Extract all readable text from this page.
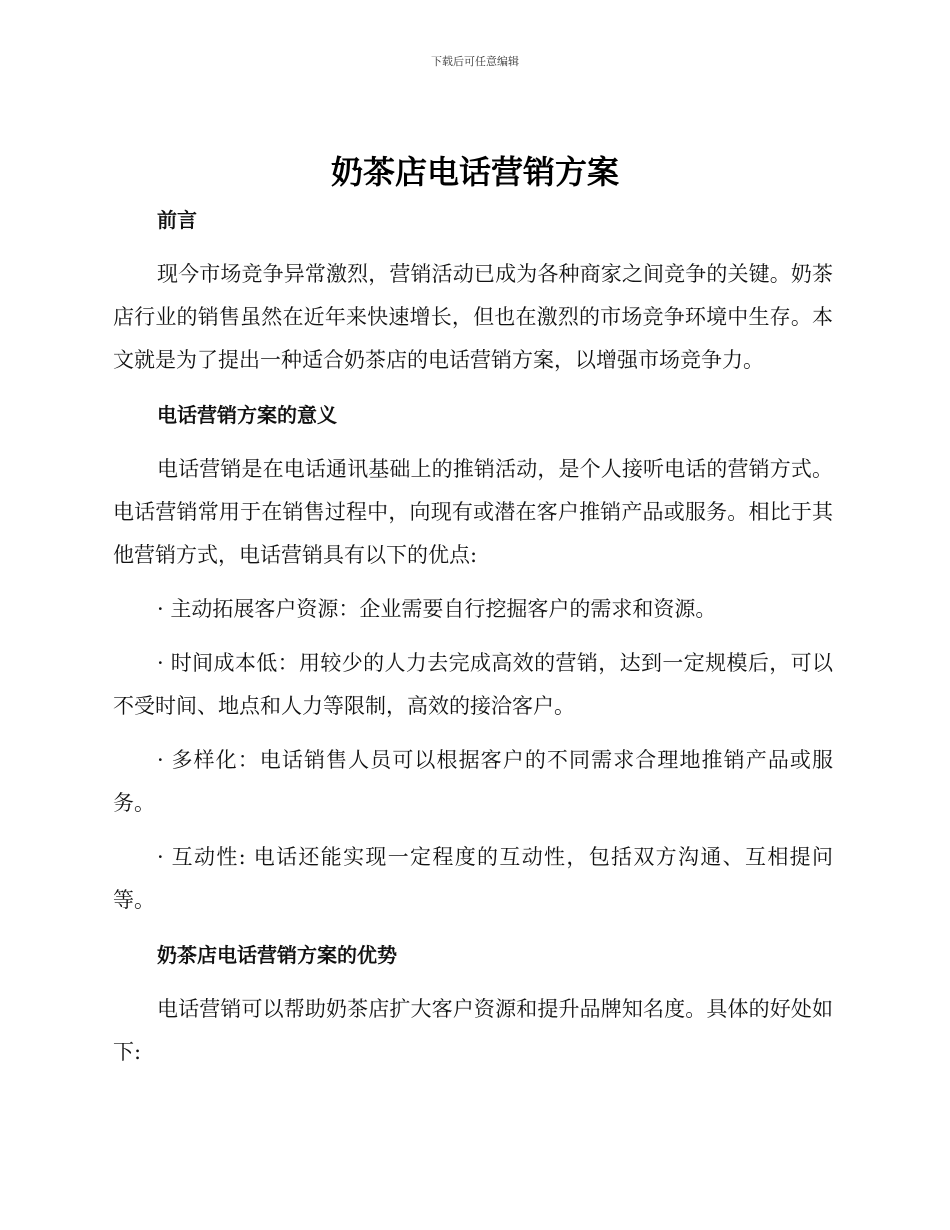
下载后可任意编辑
奶茶店电话营销方案

前言

现今市场竞争异常激烈，营销活动已成为各种商家之间竞争的关键。奶茶店行业的销售虽然在近年来快速增长，但也在激烈的市场竞争环境中生存。本文就是为了提出一种适合奶茶店的电话营销方案，以增强市场竞争力。

电话营销方案的意义

电话营销是在电话通讯基础上的推销活动，是个人接听电话的营销方式。电话营销常用于在销售过程中，向现有或潜在客户推销产品或服务。相比于其他营销方式，电话营销具有以下的优点:

· 主动拓展客户资源：企业需要自行挖掘客户的需求和资源。

· 时间成本低：用较少的人力去完成高效的营销，达到一定规模后，可以不受时间、地点和人力等限制，高效的接洽客户。

· 多样化：电话销售人员可以根据客户的不同需求合理地推销产品或服务。

· 互动性: 电话还能实现一定程度的互动性，包括双方沟通、互相提问等。

奶茶店电话营销方案的优势

电话营销可以帮助奶茶店扩大客户资源和提升品牌知名度。具体的好处如下:
